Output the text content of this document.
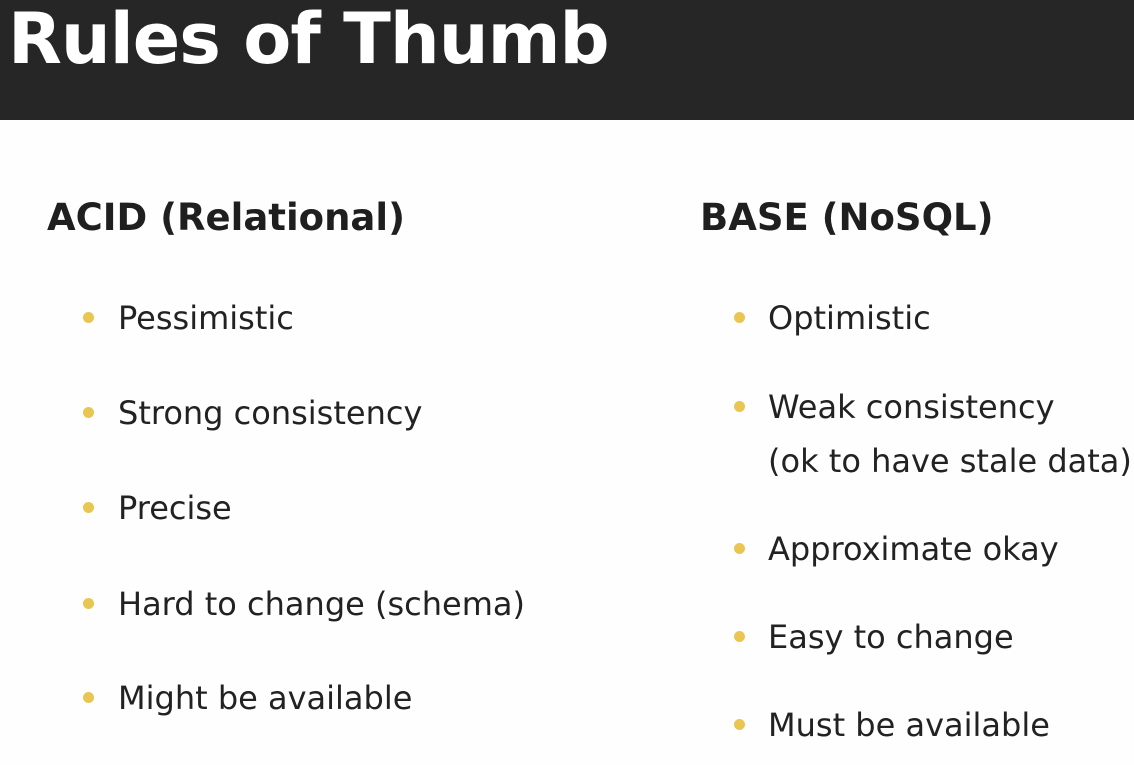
Rules of Thumb
ACID (Relational)

Pessimistic

Strong consistency

Precise

Hard to change (schema)

Might be available

BASE (NoSQL)

Optimistic

Weak consistency

(ok to have stale data)

Approximate okay

Easy to change

Must be available
